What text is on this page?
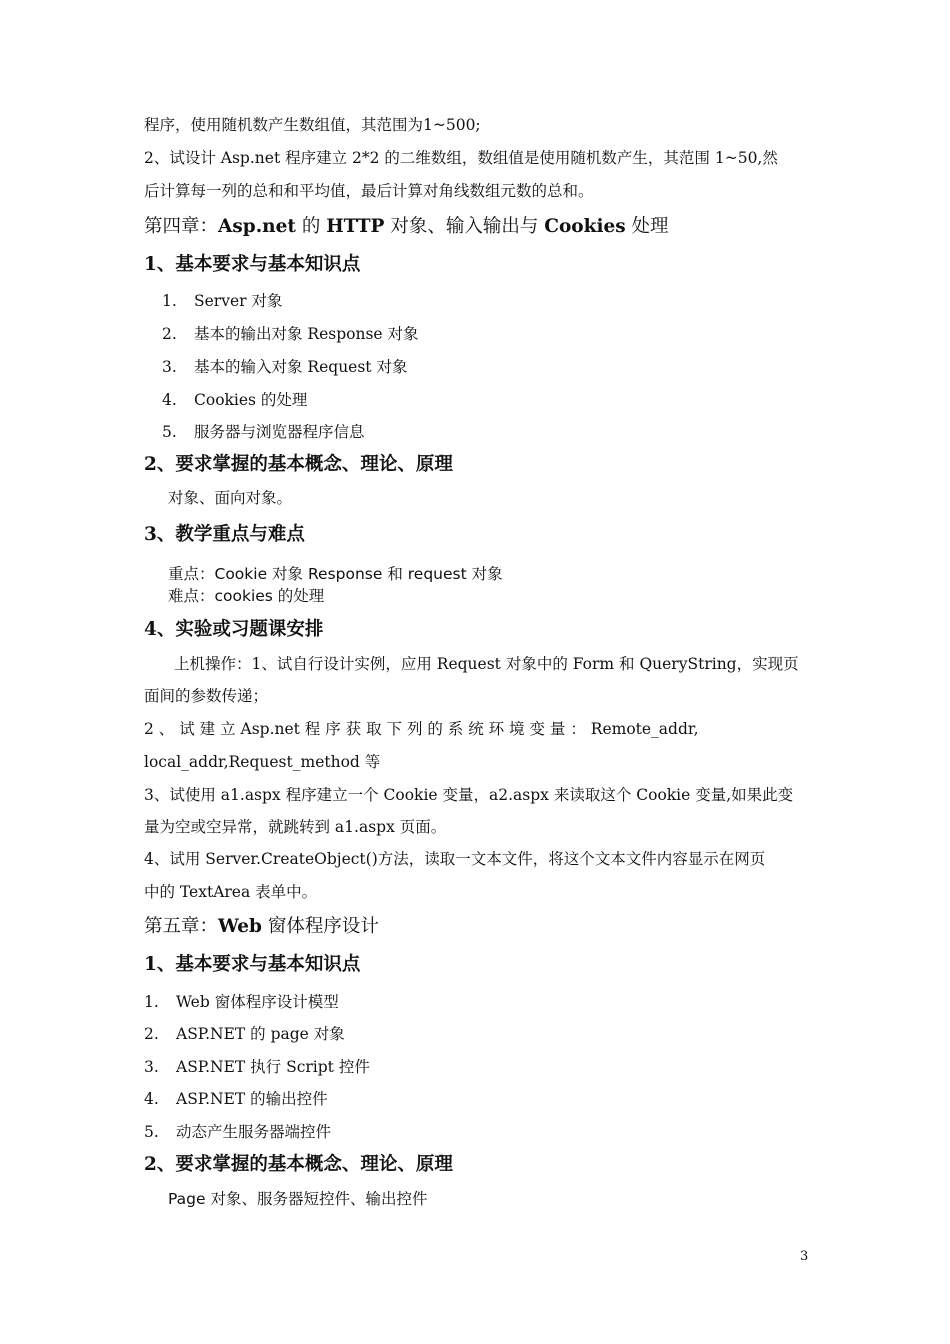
程序，使用随机数产生数组值，其范围为1~500;
2、试设计 Asp.net 程序建立 2*2 的二维数组，数组值是使用随机数产生，其范围 1~50,然
后计算每一列的总和和平均值，最后计算对角线数组元数的总和。
第四章：Asp.net 的 HTTP 对象、输入输出与 Cookies 处理
1、基本要求与基本知识点
1. Server 对象
2. 基本的输出对象 Response 对象
3. 基本的输入对象 Request 对象
4. Cookies 的处理
5. 服务器与浏览器程序信息
2、要求掌握的基本概念、理论、原理
对象、面向对象。
3、教学重点与难点
重点：Cookie 对象 Response 和 request 对象
难点：cookies 的处理
4、实验或习题课安排
上机操作：1、试自行设计实例，应用 Request 对象中的 Form 和 QueryString，实现页
面间的参数传递；
2 、 试 建 立 Asp.net 程 序 获 取 下 列 的 系 统 环 境 变 量 ： Remote_addr,
local_addr,Request_method 等
3、试使用 a1.aspx 程序建立一个 Cookie 变量，a2.aspx 来读取这个 Cookie 变量,如果此变
量为空或空异常，就跳转到 a1.aspx 页面。
4、试用 Server.CreateObject()方法，读取一文本文件，将这个文本文件内容显示在网页
中的 TextArea 表单中。
第五章：Web 窗体程序设计
1、基本要求与基本知识点
1. Web 窗体程序设计模型
2. ASP.NET 的 page 对象
3. ASP.NET 执行 Script 控件
4. ASP.NET 的输出控件
5. 动态产生服务器端控件
2、要求掌握的基本概念、理论、原理
Page 对象、服务器短控件、输出控件
3
